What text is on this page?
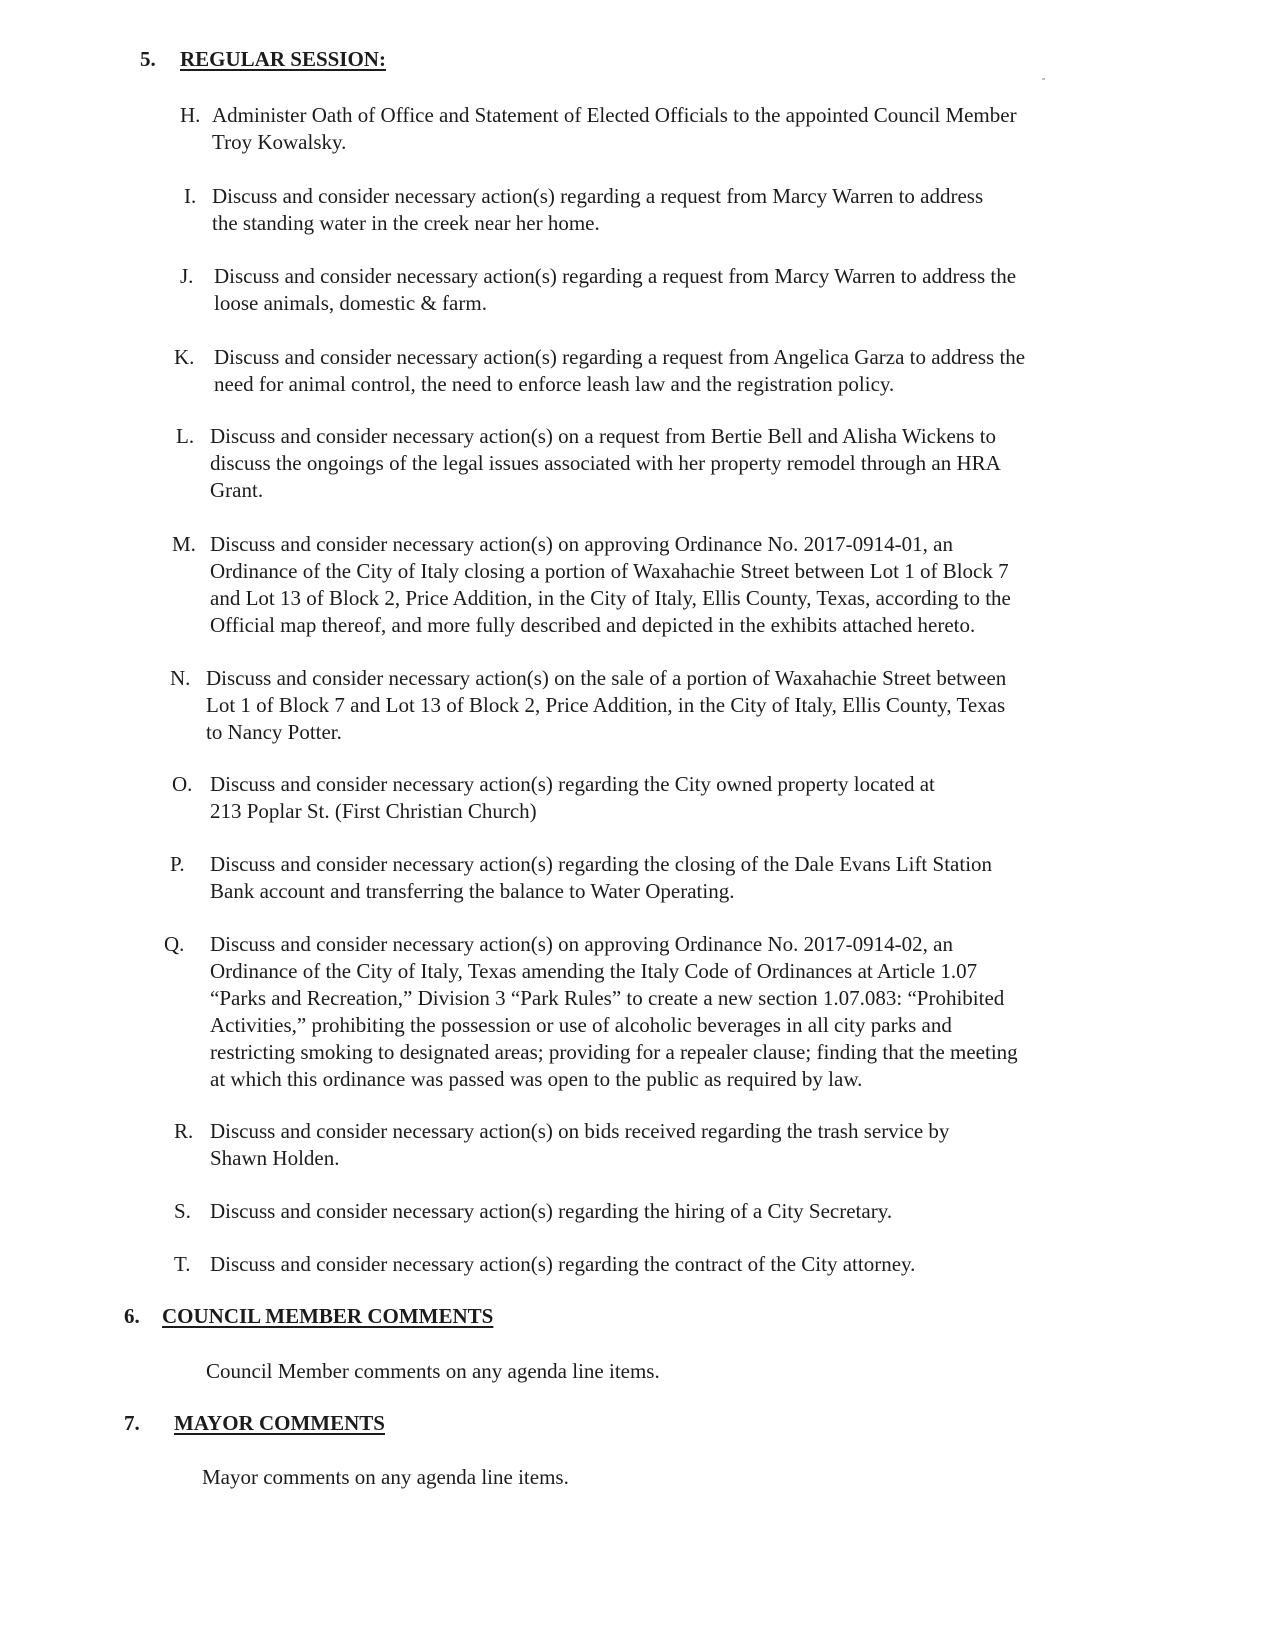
5. REGULAR SESSION:
H. Administer Oath of Office and Statement of Elected Officials to the appointed Council Member
Troy Kowalsky.
I. Discuss and consider necessary action(s) regarding a request from Marcy Warren to address
the standing water in the creek near her home.
J. Discuss and consider necessary action(s) regarding a request from Marcy Warren to address the
loose animals, domestic & farm.
K. Discuss and consider necessary action(s) regarding a request from Angelica Garza to address the
need for animal control, the need to enforce leash law and the registration policy.
L. Discuss and consider necessary action(s) on a request from Bertie Bell and Alisha Wickens to
discuss the ongoings of the legal issues associated with her property remodel through an HRA
Grant.
M. Discuss and consider necessary action(s) on approving Ordinance No. 2017-0914-01, an
Ordinance of the City of Italy closing a portion of Waxahachie Street between Lot 1 of Block 7
and Lot 13 of Block 2, Price Addition, in the City of Italy, Ellis County, Texas, according to the
Official map thereof, and more fully described and depicted in the exhibits attached hereto.
N. Discuss and consider necessary action(s) on the sale of a portion of Waxahachie Street between
Lot 1 of Block 7 and Lot 13 of Block 2, Price Addition, in the City of Italy, Ellis County, Texas
to Nancy Potter.
O. Discuss and consider necessary action(s) regarding the City owned property located at
213 Poplar St. (First Christian Church)
P. Discuss and consider necessary action(s) regarding the closing of the Dale Evans Lift Station
Bank account and transferring the balance to Water Operating.
Q. Discuss and consider necessary action(s) on approving Ordinance No. 2017-0914-02, an
Ordinance of the City of Italy, Texas amending the Italy Code of Ordinances at Article 1.07
“Parks and Recreation,” Division 3 “Park Rules” to create a new section 1.07.083: “Prohibited
Activities,” prohibiting the possession or use of alcoholic beverages in all city parks and
restricting smoking to designated areas; providing for a repealer clause; finding that the meeting
at which this ordinance was passed was open to the public as required by law.
R. Discuss and consider necessary action(s) on bids received regarding the trash service by
Shawn Holden.
S. Discuss and consider necessary action(s) regarding the hiring of a City Secretary.
T. Discuss and consider necessary action(s) regarding the contract of the City attorney.
6. COUNCIL MEMBER COMMENTS
Council Member comments on any agenda line items.
7. MAYOR COMMENTS
Mayor comments on any agenda line items.
